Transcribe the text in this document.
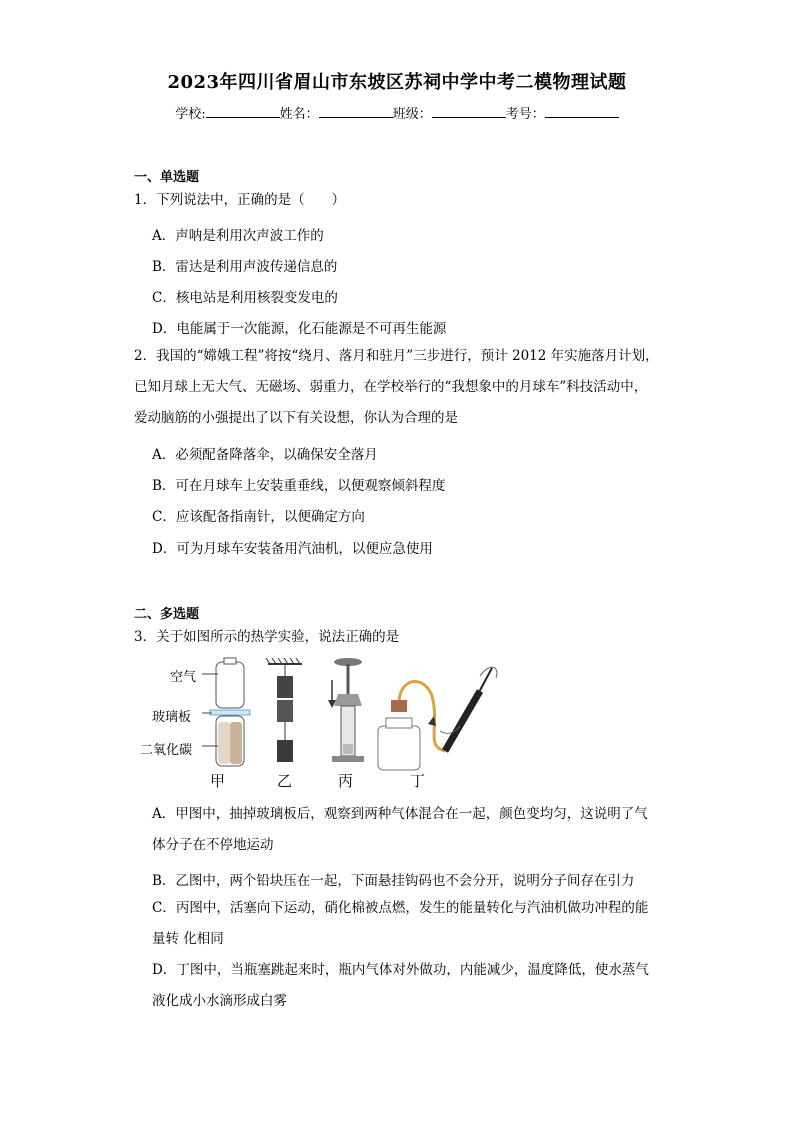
2023年四川省眉山市东坡区苏祠中学中考二模物理试题
学校:	姓名：	班级：	考号：
一、单选题
1．下列说法中，正确的是（　　）
A．声呐是利用次声波工作的
B．雷达是利用声波传递信息的
C．核电站是利用核裂变发电的
D．电能属于一次能源，化石能源是不可再生能源
2．我国的“嫦娥工程”将按“绕月、落月和驻月”三步进行，预计 2012 年实施落月计划，
已知月球上无大气、无磁场、弱重力，在学校举行的“我想象中的月球车”科技活动中，
爱动脑筋的小强提出了以下有关设想，你认为合理的是
A．必须配备降落伞，以确保安全落月
B．可在月球车上安装重垂线，以便观察倾斜程度
C．应该配备指南针，以便确定方向
D．可为月球车安装备用汽油机，以便应急使用
二、多选题
3．关于如图所示的热学实验，说法正确的是
空气
玻璃板
二氧化碳
甲	乙	丙	丁
A．甲图中，抽掉玻璃板后，观察到两种气体混合在一起，颜色变均匀，这说明了气
体分子在不停地运动
B．乙图中，两个铅块压在一起，下面悬挂钩码也不会分开，说明分子间存在引力
C．丙图中，活塞向下运动，硝化棉被点燃，发生的能量转化与汽油机做功冲程的能
量转 化相同
D．丁图中，当瓶塞跳起来时，瓶内气体对外做功，内能减少，温度降低，使水蒸气
液化成小水滴形成白雾
